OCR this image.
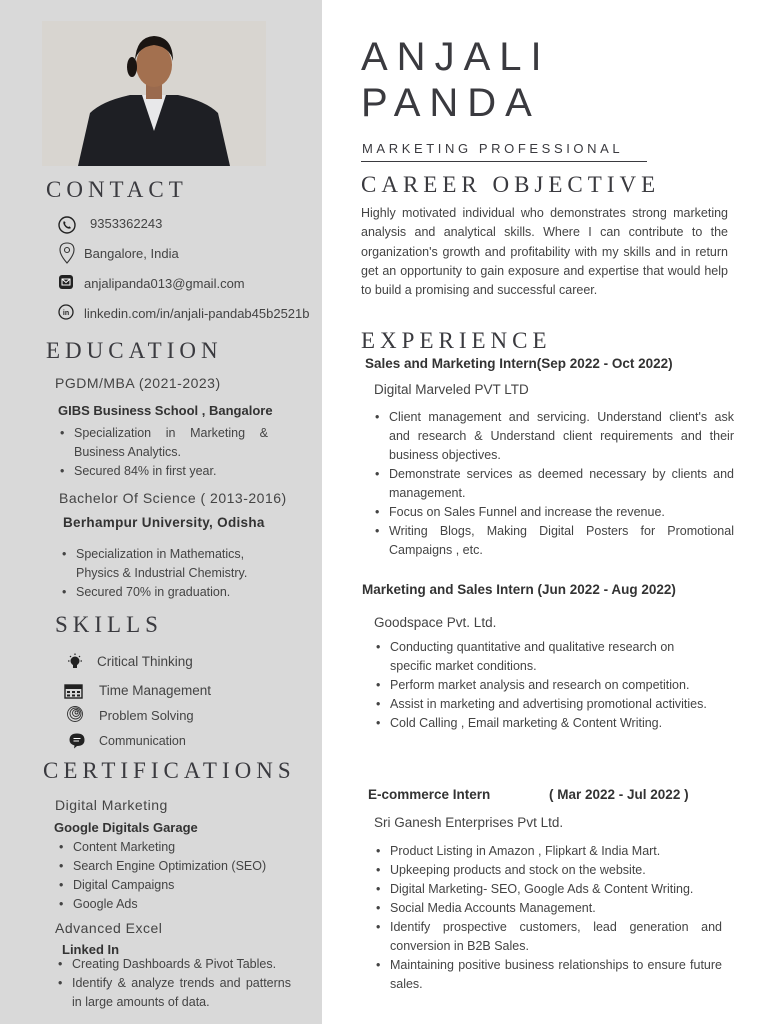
CONTACT
9353362243
Bangalore, India
anjalipanda013@gmail.com
in linkedin.com/in/anjali-pandab45b2521b
EDUCATION
PGDM/MBA (2021-2023)
GIBS Business School , Bangalore
• Specialization in Marketing & Business Analytics.
• Secured 84% in first year.
Bachelor Of Science ( 2013-2016)
Berhampur University, Odisha
• Specialization in Mathematics, Physics & Industrial Chemistry.
• Secured 70% in graduation.
SKILLS
Critical Thinking
Time Management
Problem Solving
Communication
CERTIFICATIONS
Digital Marketing
Google Digitals Garage
• Content Marketing
• Search Engine Optimization (SEO)
• Digital Campaigns
• Google Ads
Advanced Excel
Linked In
• Creating Dashboards & Pivot Tables.
• Identify & analyze trends and patterns in large amounts of data.
ANJALI
PANDA
MARKETING PROFESSIONAL
CAREER OBJECTIVE
Highly motivated individual who demonstrates strong marketing analysis and analytical skills. Where I can contribute to the organization's growth and profitability with my skills and in return get an opportunity to gain exposure and expertise that would help to build a promising and successful career.
EXPERIENCE
Sales and Marketing Intern(Sep 2022 - Oct 2022)
Digital Marveled PVT LTD
• Client management and servicing. Understand client's ask and research & Understand client requirements and their business objectives.
• Demonstrate services as deemed necessary by clients and management.
• Focus on Sales Funnel and increase the revenue.
• Writing Blogs, Making Digital Posters for Promotional Campaigns , etc.
Marketing and Sales Intern (Jun 2022 - Aug 2022)
Goodspace Pvt. Ltd.
• Conducting quantitative and qualitative research on specific market conditions.
• Perform market analysis and research on competition.
• Assist in marketing and advertising promotional activities.
• Cold Calling , Email marketing & Content Writing.
E-commerce Intern	( Mar 2022 - Jul 2022 )
Sri Ganesh Enterprises Pvt Ltd.
• Product Listing in Amazon , Flipkart & India Mart.
• Upkeeping products and stock on the website.
• Digital Marketing- SEO, Google Ads & Content Writing.
• Social Media Accounts Management.
• Identify prospective customers, lead generation and conversion in B2B Sales.
• Maintaining positive business relationships to ensure future sales.
